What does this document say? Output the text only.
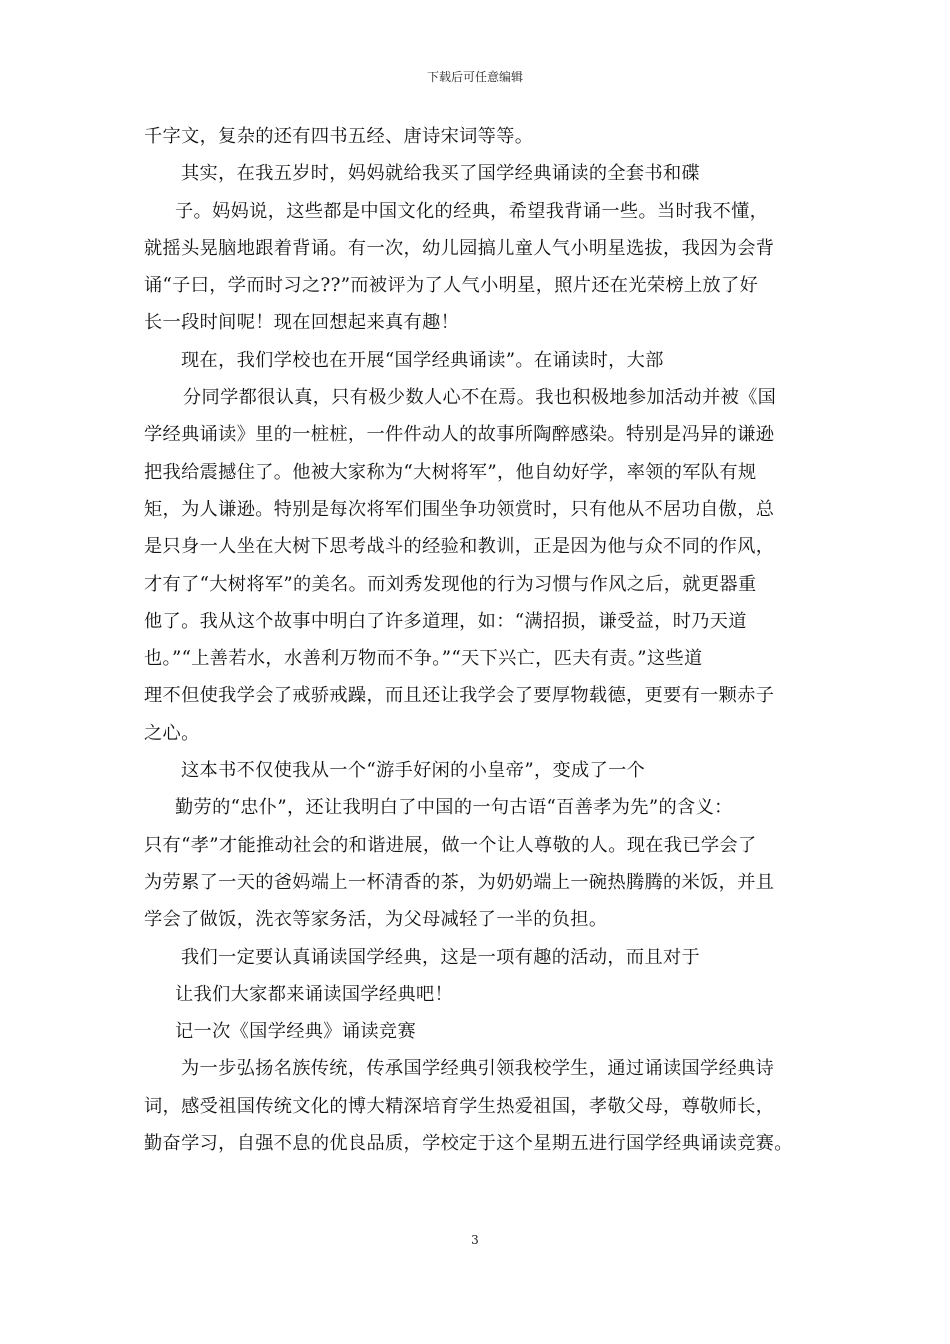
下载后可任意编辑
千字文，复杂的还有四书五经、唐诗宋词等等。
其实，在我五岁时，妈妈就给我买了国学经典诵读的全套书和碟
子。妈妈说，这些都是中国文化的经典，希望我背诵一些。当时我不懂，
就摇头晃脑地跟着背诵。有一次，幼儿园搞儿童人气小明星选拔，我因为会背
诵“子曰，学而时习之??”而被评为了人气小明星，照片还在光荣榜上放了好
长一段时间呢！现在回想起来真有趣！
现在，我们学校也在开展“国学经典诵读”。在诵读时，大部
分同学都很认真，只有极少数人心不在焉。我也积极地参加活动并被《国
学经典诵读》里的一桩桩，一件件动人的故事所陶醉感染。特别是冯异的谦逊
把我给震撼住了。他被大家称为“大树将军”，他自幼好学，率领的军队有规
矩，为人谦逊。特别是每次将军们围坐争功领赏时，只有他从不居功自傲，总
是只身一人坐在大树下思考战斗的经验和教训，正是因为他与众不同的作风，
才有了“大树将军”的美名。而刘秀发现他的行为习惯与作风之后，就更器重
他了。我从这个故事中明白了许多道理，如：“满招损，谦受益，时乃天道
也。”“上善若水，水善利万物而不争。”“天下兴亡，匹夫有责。”这些道
理不但使我学会了戒骄戒躁，而且还让我学会了要厚物载德，更要有一颗赤子
之心。
这本书不仅使我从一个“游手好闲的小皇帝”，变成了一个
勤劳的“忠仆”，还让我明白了中国的一句古语“百善孝为先”的含义：
只有“孝”才能推动社会的和谐进展，做一个让人尊敬的人。现在我已学会了
为劳累了一天的爸妈端上一杯清香的茶，为奶奶端上一碗热腾腾的米饭，并且
学会了做饭，洗衣等家务活，为父母减轻了一半的负担。
我们一定要认真诵读国学经典，这是一项有趣的活动，而且对于
让我们大家都来诵读国学经典吧！
记一次《国学经典》诵读竞赛
为一步弘扬名族传统，传承国学经典引领我校学生，通过诵读国学经典诗
词，感受祖国传统文化的博大精深培育学生热爱祖国，孝敬父母，尊敬师长，
勤奋学习，自强不息的优良品质，学校定于这个星期五进行国学经典诵读竞赛。
3
